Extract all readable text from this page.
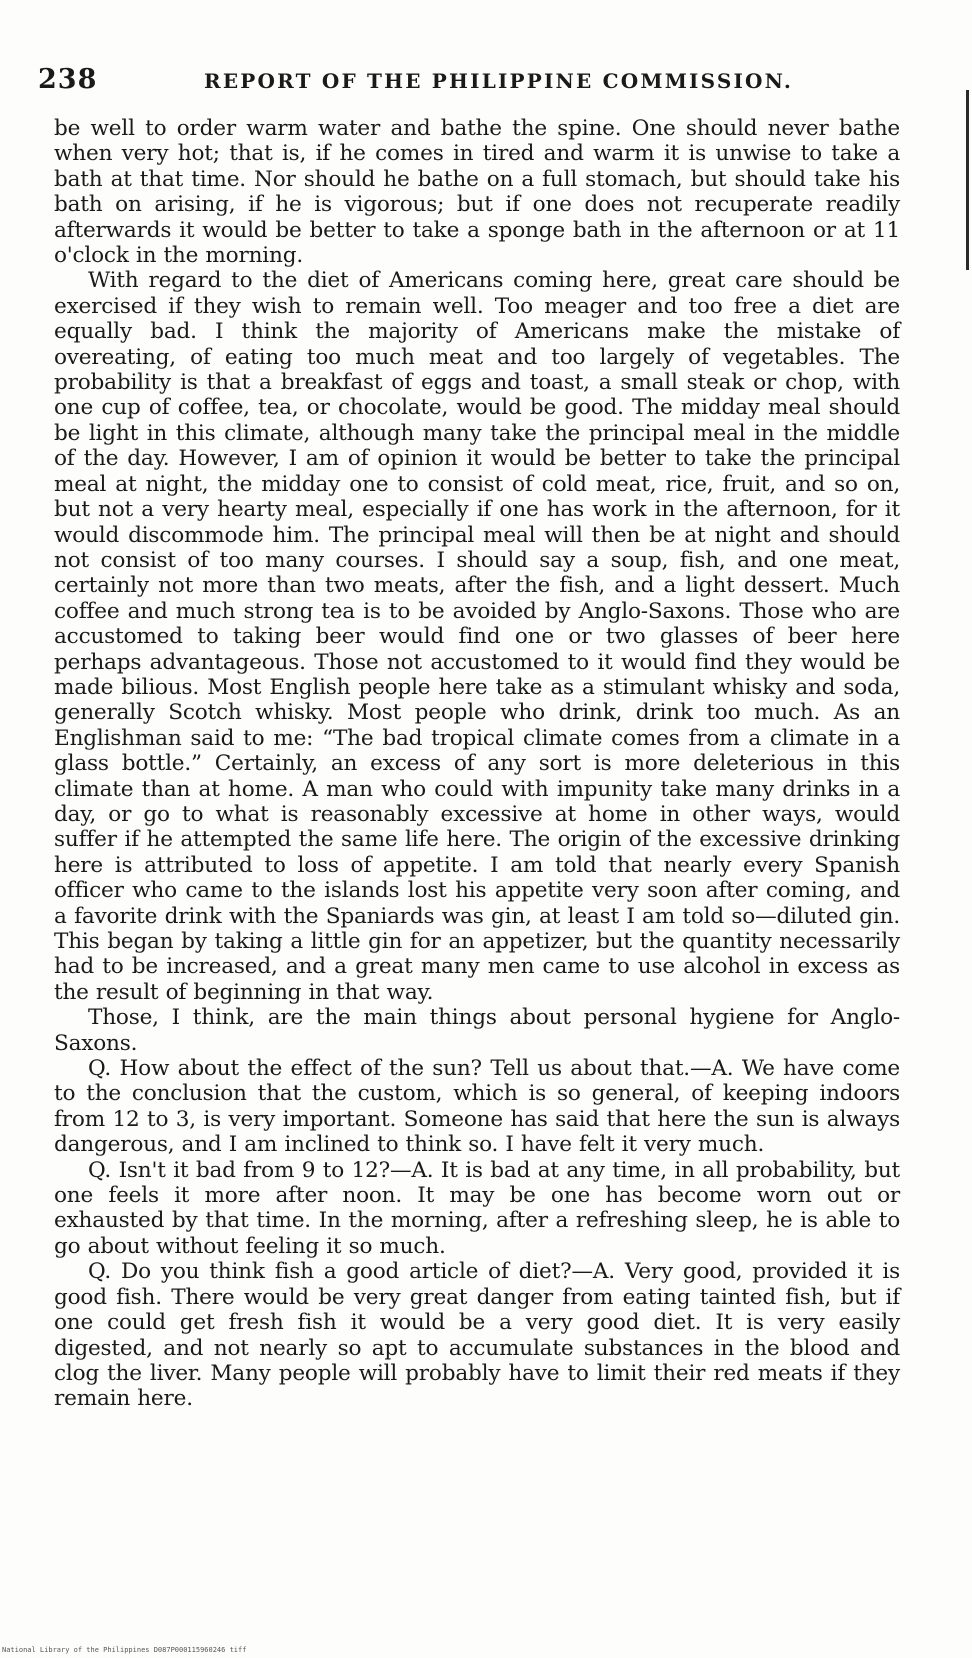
238	REPORT OF THE PHILIPPINE COMMISSION.

be well to order warm water and bathe the spine. One should never bathe when very hot; that is, if he comes in tired and warm it is unwise to take a bath at that time. Nor should he bathe on a full stomach, but should take his bath on arising, if he is vigorous; but if one does not recuperate readily afterwards it would be better to take a sponge bath in the afternoon or at 11 o'clock in the morning.

With regard to the diet of Americans coming here, great care should be exercised if they wish to remain well. Too meager and too free a diet are equally bad. I think the majority of Americans make the mistake of overeating, of eating too much meat and too largely of vegetables. The probability is that a breakfast of eggs and toast, a small steak or chop, with one cup of coffee, tea, or chocolate, would be good. The midday meal should be light in this climate, although many take the principal meal in the middle of the day. However, I am of opinion it would be better to take the principal meal at night, the midday one to consist of cold meat, rice, fruit, and so on, but not a very hearty meal, especially if one has work in the afternoon, for it would discommode him. The principal meal will then be at night and should not consist of too many courses. I should say a soup, fish, and one meat, certainly not more than two meats, after the fish, and a light dessert. Much coffee and much strong tea is to be avoided by Anglo-Saxons. Those who are accustomed to taking beer would find one or two glasses of beer here perhaps advantageous. Those not accustomed to it would find they would be made bilious. Most English people here take as a stimulant whisky and soda, generally Scotch whisky. Most people who drink, drink too much. As an Englishman said to me: “The bad tropical climate comes from a climate in a glass bottle.” Certainly, an excess of any sort is more deleterious in this climate than at home. A man who could with impunity take many drinks in a day, or go to what is reasonably excessive at home in other ways, would suffer if he attempted the same life here. The origin of the excessive drinking here is attributed to loss of appetite. I am told that nearly every Spanish officer who came to the islands lost his appetite very soon after coming, and a favorite drink with the Spaniards was gin, at least I am told so—diluted gin. This began by taking a little gin for an appetizer, but the quantity necessarily had to be increased, and a great many men came to use alcohol in excess as the result of beginning in that way.

Those, I think, are the main things about personal hygiene for Anglo-Saxons.

Q. How about the effect of the sun? Tell us about that.—A. We have come to the conclusion that the custom, which is so general, of keeping indoors from 12 to 3, is very important. Someone has said that here the sun is always dangerous, and I am inclined to think so. I have felt it very much.

Q. Isn't it bad from 9 to 12?—A. It is bad at any time, in all probability, but one feels it more after noon. It may be one has become worn out or exhausted by that time. In the morning, after a refreshing sleep, he is able to go about without feeling it so much.

Q. Do you think fish a good article of diet?—A. Very good, provided it is good fish. There would be very great danger from eating tainted fish, but if one could get fresh fish it would be a very good diet. It is very easily digested, and not nearly so apt to accumulate substances in the blood and clog the liver. Many people will probably have to limit their red meats if they remain here.

National Library of the Philippines D087P000115960246 tiff
